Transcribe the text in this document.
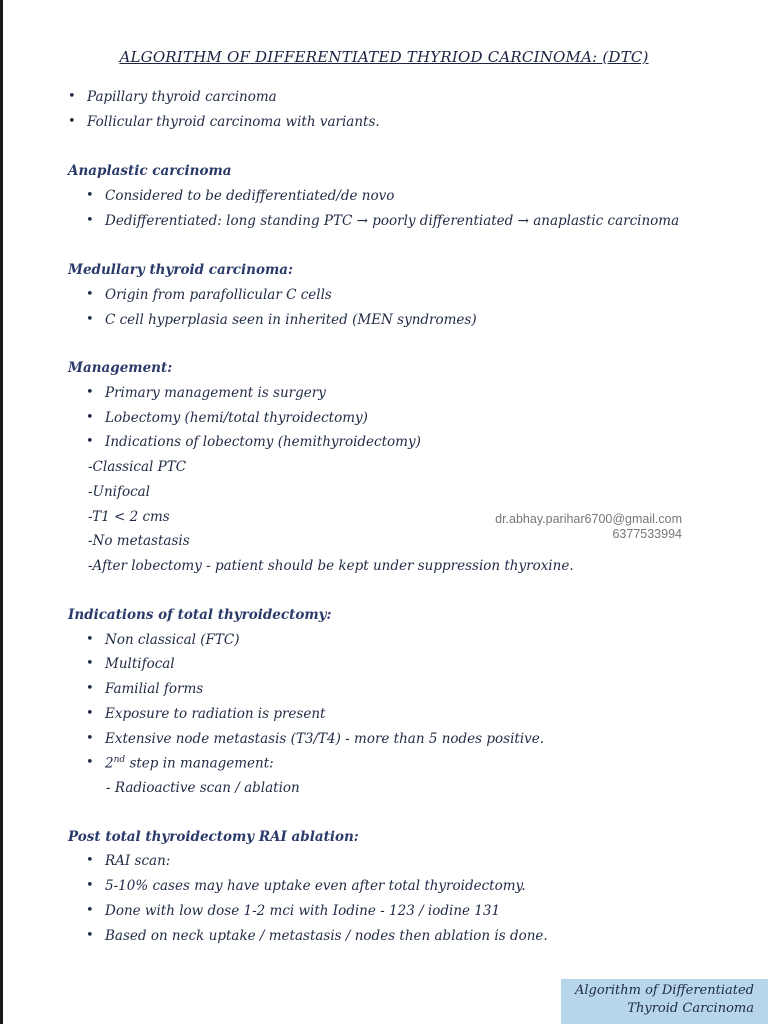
ALGORITHM OF DIFFERENTIATED THYRIOD CARCINOMA: (DTC)
• Papillary thyroid carcinoma
• Follicular thyroid carcinoma with variants.
Anaplastic carcinoma
• Considered to be dedifferentiated/de novo
• Dedifferentiated: long standing PTC → poorly differentiated → anaplastic carcinoma
Medullary thyroid carcinoma:
• Origin from parafollicular C cells
• C cell hyperplasia seen in inherited (MEN syndromes)
Management:
• Primary management is surgery
• Lobectomy (hemi/total thyroidectomy)
• Indications of lobectomy (hemithyroidectomy)
-Classical PTC
-Unifocal
-T1 < 2 cms
-No metastasis
-After lobectomy - patient should be kept under suppression thyroxine.
dr.abhay.parihar6700@gmail.com
6377533994
Indications of total thyroidectomy:
• Non classical (FTC)
• Multifocal
• Familial forms
• Exposure to radiation is present
• Extensive node metastasis (T3/T4) - more than 5 nodes positive.
• 2nd step in management:
- Radioactive scan / ablation
Post total thyroidectomy RAI ablation:
• RAI scan:
• 5-10% cases may have uptake even after total thyroidectomy.
• Done with low dose 1-2 mci with Iodine - 123 / iodine 131
• Based on neck uptake / metastasis / nodes then ablation is done.
Algorithm of Differentiated
Thyroid Carcinoma
